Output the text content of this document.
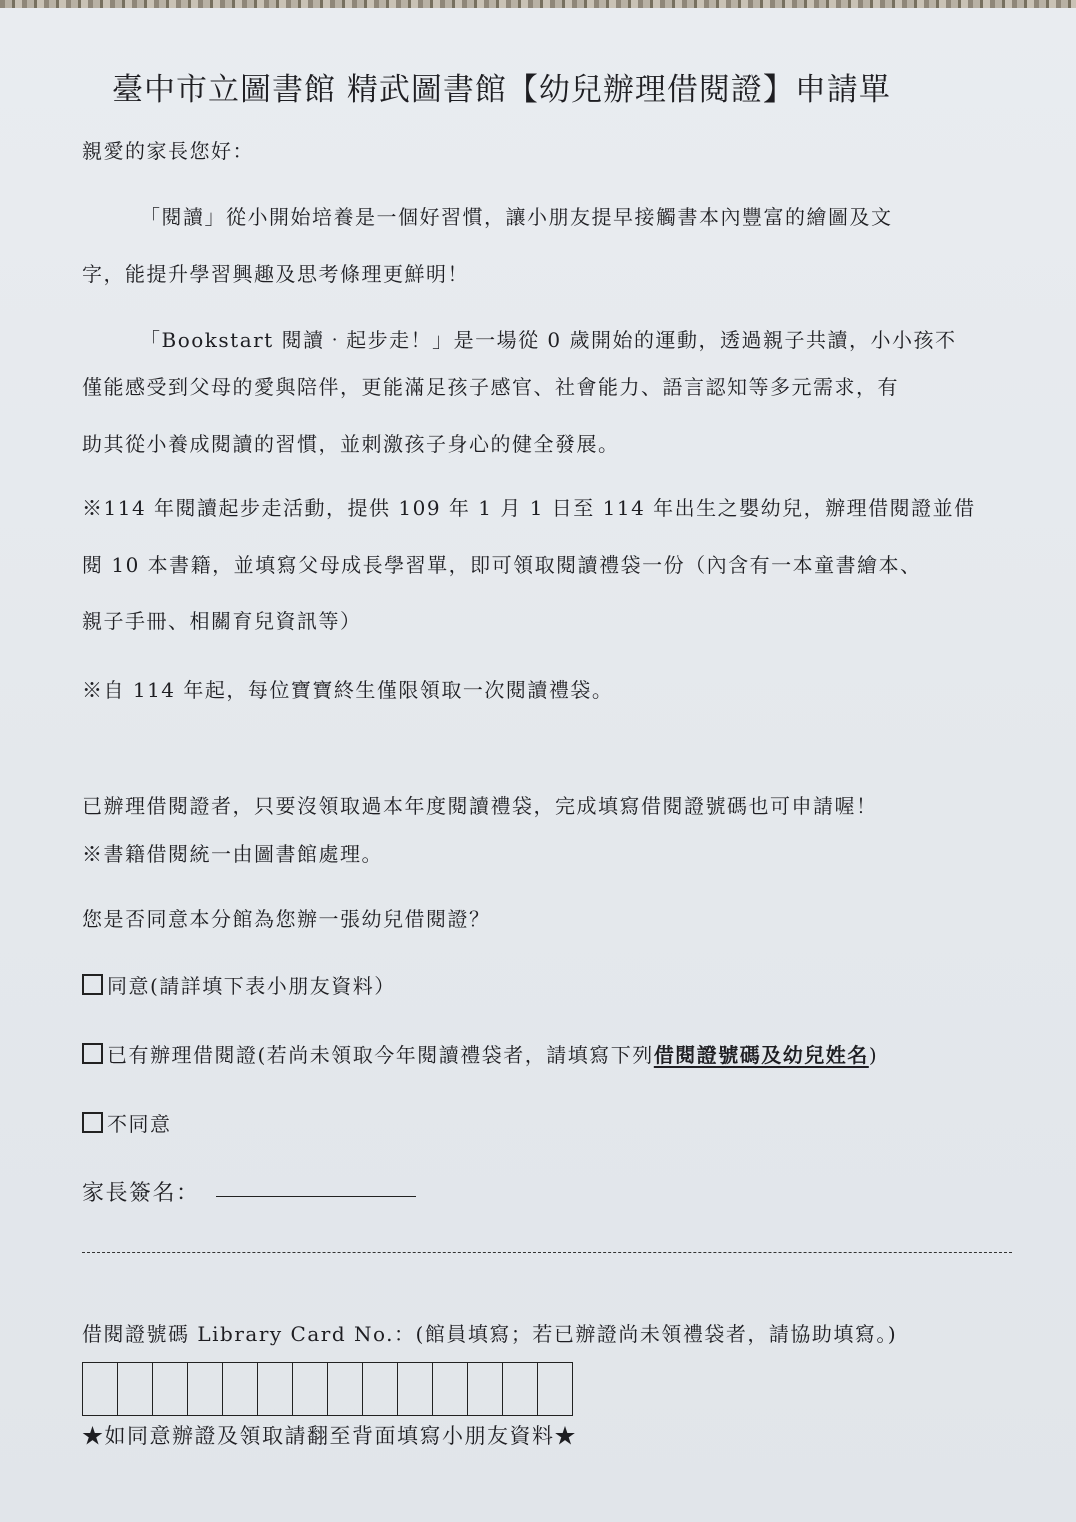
臺中市立圖書館 精武圖書館【幼兒辦理借閱證】申請單
親愛的家長您好：
「閱讀」從小開始培養是一個好習慣，讓小朋友提早接觸書本內豐富的繪圖及文
字，能提升學習興趣及思考條理更鮮明！
「Bookstart 閱讀‧起步走！」是一場從 0 歲開始的運動，透過親子共讀，小小孩不
僅能感受到父母的愛與陪伴，更能滿足孩子感官、社會能力、語言認知等多元需求，有
助其從小養成閱讀的習慣，並刺激孩子身心的健全發展。
※114 年閱讀起步走活動，提供 109 年 1 月 1 日至 114 年出生之嬰幼兒，辦理借閱證並借
閱 10 本書籍，並填寫父母成長學習單，即可領取閱讀禮袋一份（內含有一本童書繪本、
親子手冊、相關育兒資訊等）
※自 114 年起，每位寶寶終生僅限領取一次閱讀禮袋。
已辦理借閱證者，只要沒領取過本年度閱讀禮袋，完成填寫借閱證號碼也可申請喔！
※書籍借閱統一由圖書館處理。
您是否同意本分館為您辦一張幼兒借閱證？
同意(請詳填下表小朋友資料）
已有辦理借閱證(若尚未領取今年閱讀禮袋者，請填寫下列借閱證號碼及幼兒姓名)
不同意
家長簽名：
借閱證號碼 Library Card No.：(館員填寫；若已辦證尚未領禮袋者，請協助填寫。)
★如同意辦證及領取請翻至背面填寫小朋友資料★
